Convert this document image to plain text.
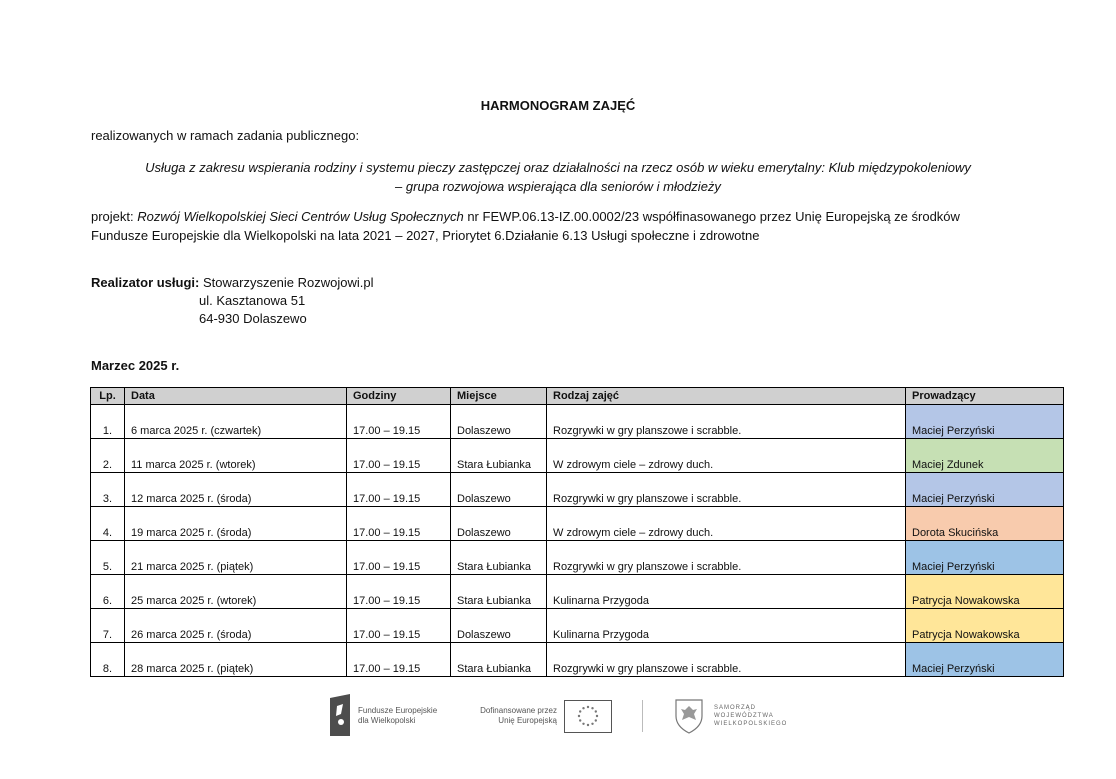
HARMONOGRAM ZAJĘĆ
realizowanych w ramach zadania publicznego:
Usługa z zakresu wspierania rodziny i systemu pieczy zastępczej oraz działalności na rzecz osób w wieku emerytalny: Klub międzypokoleniowy
– grupa rozwojowa wspierająca dla seniorów i młodzieży
projekt: Rozwój Wielkopolskiej Sieci Centrów Usług Społecznych nr FEWP.06.13-IZ.00.0002/23 współfinasowanego przez Unię Europejską ze środków
Fundusze Europejskie dla Wielkopolski na lata 2021 – 2027, Priorytet 6.Działanie 6.13 Usługi społeczne i zdrowotne
Realizator usługi: Stowarzyszenie Rozwojowi.pl
ul. Kasztanowa 51
64-930 Dolaszewo
Marzec 2025 r.
Lp.	Data	Godziny	Miejsce	Rodzaj zajęć	Prowadzący
1.	6 marca 2025 r. (czwartek)	17.00 – 19.15	Dolaszewo	Rozgrywki w gry planszowe i scrabble.	Maciej Perzyński
2.	11 marca 2025 r. (wtorek)	17.00 – 19.15	Stara Łubianka	W zdrowym ciele – zdrowy duch.	Maciej Zdunek
3.	12 marca 2025 r. (środa)	17.00 – 19.15	Dolaszewo	Rozgrywki w gry planszowe i scrabble.	Maciej Perzyński
4.	19 marca 2025 r. (środa)	17.00 – 19.15	Dolaszewo	W zdrowym ciele – zdrowy duch.	Dorota Skucińska
5.	21 marca 2025 r. (piątek)	17.00 – 19.15	Stara Łubianka	Rozgrywki w gry planszowe i scrabble.	Maciej Perzyński
6.	25 marca 2025 r. (wtorek)	17.00 – 19.15	Stara Łubianka	Kulinarna Przygoda	Patrycja Nowakowska
7.	26 marca 2025 r. (środa)	17.00 – 19.15	Dolaszewo	Kulinarna Przygoda	Patrycja Nowakowska
8.	28 marca 2025 r. (piątek)	17.00 – 19.15	Stara Łubianka	Rozgrywki w gry planszowe i scrabble.	Maciej Perzyński
Fundusze Europejskie
dla Wielkopolski
Dofinansowane przez
Unię Europejską
SAMORZĄD
WOJEWÓDZTWA
WIELKOPOLSKIEGO
